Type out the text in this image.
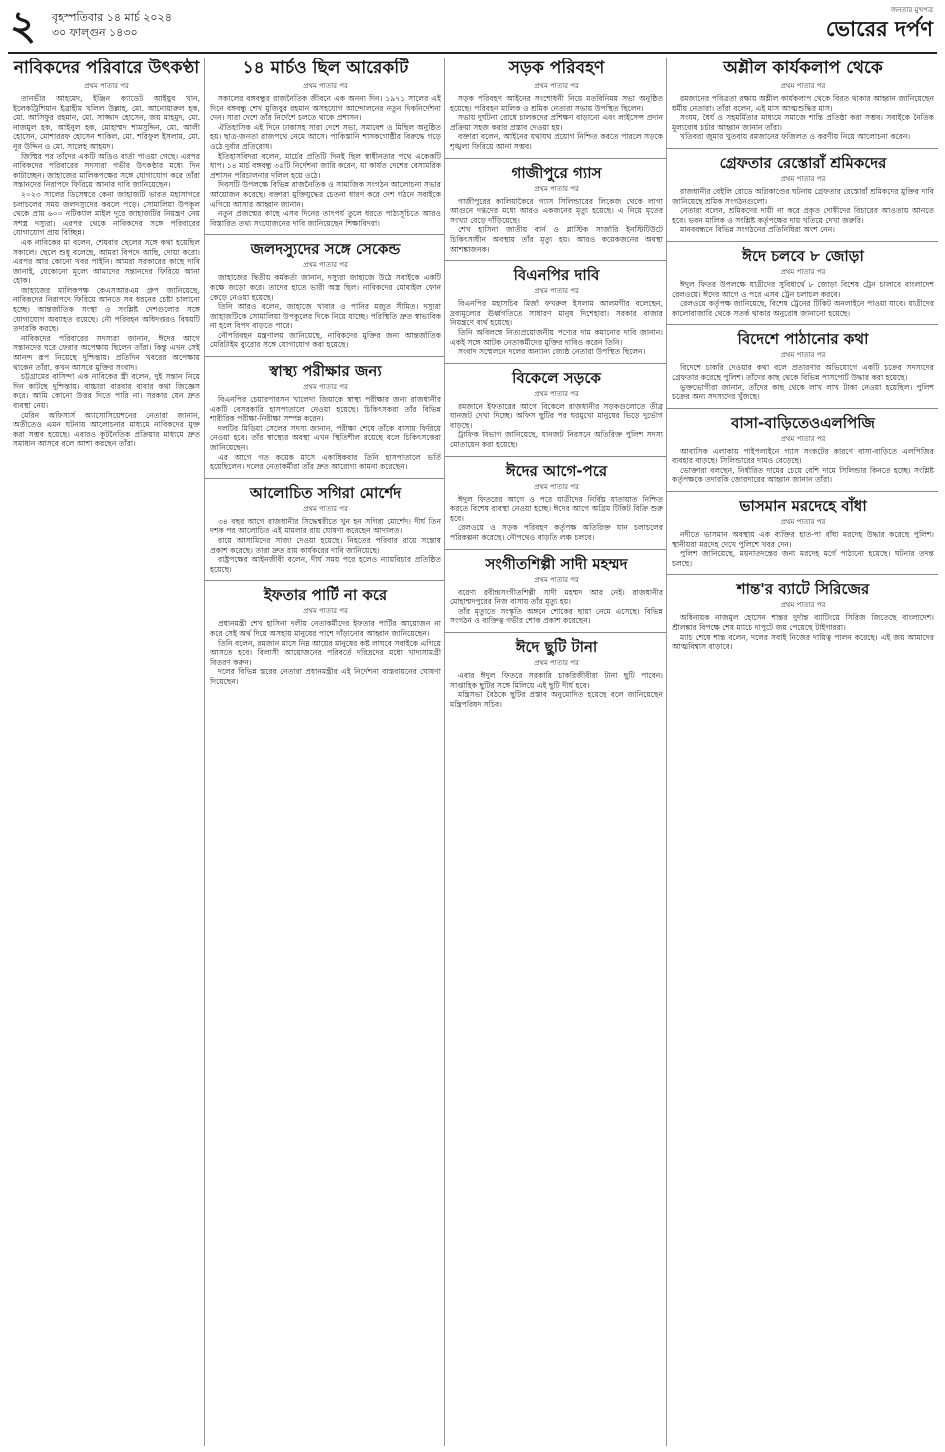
২ বৃহস্পতিবার ১৪ মার্চ ২০২৪
৩০ ফাল্গুন ১৪৩০
জনতার মুখপত্র
ভোরের দর্পণ
নাবিকদের পরিবারে উৎকণ্ঠা
প্রথম পাতার পর

তানভীর আহমেদ, ইঞ্জিন ক্যাডেট আইয়ুব খান, ইলেকট্রিশিয়ান ইব্রাহীম খলিল উল্লাহ, মো. আনোয়ারুল হক, মো. আসিফুর রহমান, মো. সাজ্জাদ হোসেন, জয় মাহমুদ, মো. নাজমুল হক, আইনুল হক, মোহাম্মদ শামসুদ্দিন, মো. আলী হোসেন, মোশাররফ হোসেন শাকিল, মো. শরিফুল ইসলাম, মো. নূর উদ্দিন ও মো. সালেহ আহমদ।

জিম্মির পর তাঁদের একটি অডিও বার্তা পাওয়া গেছে। এরপর নাবিকদের পরিবারের সদস্যরা গভীর উৎকণ্ঠার মধ্যে দিন কাটাচ্ছেন। জাহাজের মালিকপক্ষের সঙ্গে যোগাযোগ করে তাঁরা সন্তানদের নিরাপদে ফিরিয়ে আনার দাবি জানিয়েছেন।

২০২৩ সালের ডিসেম্বরে কেনা জাহাজটি ভারত মহাসাগরে চলাচলের সময় জলদস্যুদের কবলে পড়ে। সোমালিয়া উপকূল থেকে প্রায় ৬০০ নটিক্যাল মাইল দূরে জাহাজটির নিয়ন্ত্রণ নেয় সশস্ত্র দস্যুরা। এরপর থেকে নাবিকদের সঙ্গে পরিবারের যোগাযোগ প্রায় বিচ্ছিন্ন।

এক নাবিকের মা বলেন, শেষবার ছেলের সঙ্গে কথা হয়েছিল সকালে। ছেলে শুধু বলেছে, আমরা বিপদে আছি, দোয়া করো। এরপর আর কোনো খবর পাইনি। আমরা সরকারের কাছে দাবি জানাই, যেকোনো মূল্যে আমাদের সন্তানদের ফিরিয়ে আনা হোক।

জাহাজের মালিকপক্ষ কেএসআরএম গ্রুপ জানিয়েছে, নাবিকদের নিরাপদে ফিরিয়ে আনতে সব ধরনের চেষ্টা চালানো হচ্ছে। আন্তর্জাতিক সংস্থা ও সংশ্লিষ্ট দেশগুলোর সঙ্গে যোগাযোগ অব্যাহত রয়েছে। নৌ পরিবহন অধিদপ্তরও বিষয়টি তদারকি করছে।

নাবিকদের পরিবারের সদস্যরা জানান, ঈদের আগে সন্তানদের ঘরে ফেরার অপেক্ষায় ছিলেন তাঁরা। কিন্তু এখন সেই আনন্দ রূপ নিয়েছে দুশ্চিন্তায়। প্রতিদিন খবরের অপেক্ষায় থাকেন তাঁরা, কখন আসবে মুক্তির সংবাদ।

চট্টগ্রামের বাসিন্দা এক নাবিকের স্ত্রী বলেন, দুই সন্তান নিয়ে দিন কাটছে দুশ্চিন্তায়। বাচ্চারা বারবার বাবার কথা জিজ্ঞেস করে। আমি কোনো উত্তর দিতে পারি না। সরকার যেন দ্রুত ব্যবস্থা নেয়।

মেরিন অফিসার্স অ্যাসোসিয়েশনের নেতারা জানান, অতীতেও এমন ঘটনায় আলোচনার মাধ্যমে নাবিকদের মুক্ত করা সম্ভব হয়েছে। এবারও কূটনৈতিক প্রক্রিয়ার মাধ্যমে দ্রুত সমাধান আসবে বলে আশা করছেন তাঁরা।

১৪ মার্চও ছিল আরেকটি
প্রথম পাতার পর

সকালের বঙ্গবন্ধুর রাজনৈতিক জীবনে এক অনন্য দিন। ১৯৭১ সালের এই দিনে বঙ্গবন্ধু শেখ মুজিবুর রহমান অসহযোগ আন্দোলনের নতুন দিকনির্দেশনা দেন। সারা দেশে তাঁর নির্দেশে চলতে থাকে প্রশাসন।

ঐতিহাসিক এই দিনে ঢাকাসহ সারা দেশে সভা, সমাবেশ ও মিছিল অনুষ্ঠিত হয়। ছাত্র-জনতা রাজপথে নেমে আসে। পাকিস্তানি শাসকগোষ্ঠীর বিরুদ্ধে গড়ে ওঠে দুর্বার প্রতিরোধ।

ইতিহাসবিদরা বলেন, মার্চের প্রতিটি দিনই ছিল স্বাধীনতার পথে একেকটি ধাপ। ১৪ মার্চ বঙ্গবন্ধু ৩৫টি নির্দেশনা জারি করেন, যা কার্যত দেশের বেসামরিক প্রশাসন পরিচালনার দলিল হয়ে ওঠে।

দিবসটি উপলক্ষে বিভিন্ন রাজনৈতিক ও সামাজিক সংগঠন আলোচনা সভার আয়োজন করেছে। বক্তারা মুক্তিযুদ্ধের চেতনা ধারণ করে দেশ গঠনে সবাইকে এগিয়ে আসার আহ্বান জানান।

নতুন প্রজন্মের কাছে এসব দিনের তাৎপর্য তুলে ধরতে পাঠ্যসূচিতে আরও বিস্তারিত তথ্য সংযোজনের দাবি জানিয়েছেন শিক্ষাবিদরা।

জলদস্যুদের সঙ্গে সেকেন্ড
প্রথম পাতার পর

জাহাজের দ্বিতীয় কর্মকর্তা জানান, দস্যুরা জাহাজে উঠে সবাইকে একটি কক্ষে জড়ো করে। তাদের হাতে ভারী অস্ত্র ছিল। নাবিকদের মোবাইল ফোন কেড়ে নেওয়া হয়েছে।

তিনি আরও বলেন, জাহাজে খাবার ও পানির মজুত সীমিত। দস্যুরা জাহাজটিকে সোমালিয়া উপকূলের দিকে নিয়ে যাচ্ছে। পরিস্থিতি দ্রুত স্বাভাবিক না হলে বিপদ বাড়তে পারে।

নৌপরিবহন মন্ত্রণালয় জানিয়েছে, নাবিকদের মুক্তির জন্য আন্তর্জাতিক মেরিটাইম ব্যুরোর সঙ্গে যোগাযোগ করা হয়েছে।

স্বাস্থ্য পরীক্ষার জন্য
প্রথম পাতার পর

বিএনপির চেয়ারপারসন খালেদা জিয়াকে স্বাস্থ্য পরীক্ষার জন্য রাজধানীর একটি বেসরকারি হাসপাতালে নেওয়া হয়েছে। চিকিৎসকরা তাঁর বিভিন্ন শারীরিক পরীক্ষা-নিরীক্ষা সম্পন্ন করেন।

দলটির মিডিয়া সেলের সদস্য জানান, পরীক্ষা শেষে তাঁকে বাসায় ফিরিয়ে নেওয়া হবে। তাঁর স্বাস্থ্যের অবস্থা এখন স্থিতিশীল রয়েছে বলে চিকিৎসকেরা জানিয়েছেন।

এর আগে গত কয়েক মাসে একাধিকবার তিনি হাসপাতালে ভর্তি হয়েছিলেন। দলের নেতাকর্মীরা তাঁর দ্রুত আরোগ্য কামনা করেছেন।

আলোচিত সগিরা মোর্শেদ
প্রথম পাতার পর

৩৪ বছর আগে রাজধানীর সিদ্ধেশ্বরীতে খুন হন সগিরা মোর্শেদ। দীর্ঘ তিন দশক পর আলোচিত এই মামলার রায় ঘোষণা করেছেন আদালত।

রায়ে আসামিদের সাজা দেওয়া হয়েছে। নিহতের পরিবার রায়ে সন্তোষ প্রকাশ করেছে। তারা দ্রুত রায় কার্যকরের দাবি জানিয়েছে।

রাষ্ট্রপক্ষের আইনজীবী বলেন, দীর্ঘ সময় পরে হলেও ন্যায়বিচার প্রতিষ্ঠিত হয়েছে।

ইফতার পার্টি না করে
প্রথম পাতার পর

প্রধানমন্ত্রী শেখ হাসিনা দলীয় নেতাকর্মীদের ইফতার পার্টির আয়োজন না করে সেই অর্থ দিয়ে অসহায় মানুষের পাশে দাঁড়ানোর আহ্বান জানিয়েছেন।

তিনি বলেন, রমজান মাসে নিম্ন আয়ের মানুষের কষ্ট লাঘবে সবাইকে এগিয়ে আসতে হবে। বিলাসী আয়োজনের পরিবর্তে দরিদ্রদের মধ্যে খাদ্যসামগ্রী বিতরণ করুন।

দলের বিভিন্ন স্তরের নেতারা প্রধানমন্ত্রীর এই নির্দেশনা বাস্তবায়নের ঘোষণা দিয়েছেন।

সড়ক পরিবহণ
প্রথম পাতার পর

সড়ক পরিবহণ আইনের সংশোধনী নিয়ে মতবিনিময় সভা অনুষ্ঠিত হয়েছে। পরিবহন মালিক ও শ্রমিক নেতারা সভায় উপস্থিত ছিলেন।

সভায় দুর্ঘটনা রোধে চালকদের প্রশিক্ষণ বাড়ানো এবং লাইসেন্স প্রদান প্রক্রিয়া সহজ করার প্রস্তাব দেওয়া হয়।

বক্তারা বলেন, আইনের যথাযথ প্রয়োগ নিশ্চিত করতে পারলে সড়কে শৃঙ্খলা ফিরিয়ে আনা সম্ভব।

গাজীপুরে গ্যাস
প্রথম পাতার পর

গাজীপুরের কালিয়াকৈরে গ্যাস সিলিন্ডারের লিকেজ থেকে লাগা আগুনে দগ্ধদের মধ্যে আরও একজনের মৃত্যু হয়েছে। এ নিয়ে মৃতের সংখ্যা বেড়ে দাঁড়িয়েছে।

শেখ হাসিনা জাতীয় বার্ন ও প্লাস্টিক সার্জারি ইনস্টিটিউটে চিকিৎসাধীন অবস্থায় তাঁর মৃত্যু হয়। আরও কয়েকজনের অবস্থা আশঙ্কাজনক।

বিএনপির দাবি
প্রথম পাতার পর

বিএনপির মহাসচিব মির্জা ফখরুল ইসলাম আলমগীর বলেছেন, দ্রব্যমূল্যের ঊর্ধ্বগতিতে সাধারণ মানুষ দিশেহারা। সরকার বাজার নিয়ন্ত্রণে ব্যর্থ হয়েছে।

তিনি অবিলম্বে নিত্যপ্রয়োজনীয় পণ্যের দাম কমানোর দাবি জানান। একই সঙ্গে আটক নেতাকর্মীদের মুক্তির দাবিও করেন তিনি।

সংবাদ সম্মেলনে দলের অন্যান্য জ্যেষ্ঠ নেতারা উপস্থিত ছিলেন।

বিকেলে সড়কে
প্রথম পাতার পর

রমজানে ইফতারের আগে বিকেলে রাজধানীর সড়কগুলোতে তীব্র যানজট দেখা দিচ্ছে। অফিস ছুটির পর ঘরমুখো মানুষের ভিড়ে দুর্ভোগ বাড়ছে।

ট্রাফিক বিভাগ জানিয়েছে, যানজট নিরসনে অতিরিক্ত পুলিশ সদস্য মোতায়েন করা হয়েছে।

ঈদের আগে-পরে
প্রথম পাতার পর

ঈদুল ফিতরের আগে ও পরে যাত্রীদের নির্বিঘ্ন যাতায়াত নিশ্চিত করতে বিশেষ ব্যবস্থা নেওয়া হচ্ছে। ঈদের আগে অগ্রিম টিকিট বিক্রি শুরু হবে।

রেলওয়ে ও সড়ক পরিবহণ কর্তৃপক্ষ অতিরিক্ত যান চলাচলের পরিকল্পনা করেছে। নৌপথেও বাড়তি লঞ্চ চলবে।

সংগীতশিল্পী সাদী মহম্মদ
প্রথম পাতার পর

বরেণ্য রবীন্দ্রসংগীতশিল্পী সাদী মহম্মদ আর নেই। রাজধানীর মোহাম্মদপুরের নিজ বাসায় তাঁর মৃত্যু হয়।

তাঁর মৃত্যুতে সংস্কৃতি অঙ্গনে শোকের ছায়া নেমে এসেছে। বিভিন্ন সংগঠন ও ব্যক্তিত্ব গভীর শোক প্রকাশ করেছেন।

ঈদে ছুটি টানা
প্রথম পাতার পর

এবার ঈদুল ফিতরে সরকারি চাকরিজীবীরা টানা ছুটি পাবেন। সাপ্তাহিক ছুটির সঙ্গে মিলিয়ে এই ছুটি দীর্ঘ হবে।

মন্ত্রিসভা বৈঠকে ছুটির প্রস্তাব অনুমোদিত হয়েছে বলে জানিয়েছেন মন্ত্রিপরিষদ সচিব।

অশ্লীল কার্যকলাপ থেকে
প্রথম পাতার পর

রমজানের পবিত্রতা রক্ষায় অশ্লীল কার্যকলাপ থেকে বিরত থাকার আহ্বান জানিয়েছেন ধর্মীয় নেতারা। তাঁরা বলেন, এই মাস আত্মশুদ্ধির মাস।

সংযম, ধৈর্য ও সহমর্মিতার মাধ্যমে সমাজে শান্তি প্রতিষ্ঠা করা সম্ভব। সবাইকে নৈতিক মূল্যবোধ চর্চার আহ্বান জানান তাঁরা।

খতিবরা জুমার খুতবায় রমজানের ফজিলত ও করণীয় নিয়ে আলোচনা করেন।

গ্রেফতার রেস্তোরাঁ শ্রমিকদের
প্রথম পাতার পর

রাজধানীর বেইলি রোডে অগ্নিকাণ্ডের ঘটনায় গ্রেফতার রেস্তোরাঁ শ্রমিকদের মুক্তির দাবি জানিয়েছে শ্রমিক সংগঠনগুলো।

নেতারা বলেন, শ্রমিকদের দায়ী না করে প্রকৃত দোষীদের বিচারের আওতায় আনতে হবে। ভবন মালিক ও সংশ্লিষ্ট কর্তৃপক্ষের দায় খতিয়ে দেখা জরুরি।

মানববন্ধনে বিভিন্ন সংগঠনের প্রতিনিধিরা অংশ নেন।

ঈদে চলবে ৮ জোড়া
প্রথম পাতার পর

ঈদুল ফিতর উপলক্ষে যাত্রীদের সুবিধার্থে ৮ জোড়া বিশেষ ট্রেন চালাবে বাংলাদেশ রেলওয়ে। ঈদের আগে ও পরে এসব ট্রেন চলাচল করবে।

রেলওয়ে কর্তৃপক্ষ জানিয়েছে, বিশেষ ট্রেনের টিকিট অনলাইনে পাওয়া যাবে। যাত্রীদের কালোবাজারি থেকে সতর্ক থাকার অনুরোধ জানানো হয়েছে।

বিদেশে পাঠানোর কথা
প্রথম পাতার পর

বিদেশে চাকরি দেওয়ার কথা বলে প্রতারণার অভিযোগে একটি চক্রের সদস্যদের গ্রেফতার করেছে পুলিশ। তাঁদের কাছ থেকে বিভিন্ন পাসপোর্ট উদ্ধার করা হয়েছে।

ভুক্তভোগীরা জানান, তাঁদের কাছ থেকে লাখ লাখ টাকা নেওয়া হয়েছিল। পুলিশ চক্রের অন্য সদস্যদের খুঁজছে।

বাসা-বাড়িতেওএলপিজি
প্রথম পাতার পর

আবাসিক এলাকায় পাইপলাইনে গ্যাস সংকটের কারণে বাসা-বাড়িতে এলপিজির ব্যবহার বাড়ছে। সিলিন্ডারের দামও বেড়েছে।

ভোক্তারা বলছেন, নির্ধারিত দামের চেয়ে বেশি দামে সিলিন্ডার কিনতে হচ্ছে। সংশ্লিষ্ট কর্তৃপক্ষকে তদারকি জোরদারের আহ্বান জানান তাঁরা।

ভাসমান মরদেহে বাঁধা
প্রথম পাতার পর

নদীতে ভাসমান অবস্থায় এক ব্যক্তির হাত-পা বাঁধা মরদেহ উদ্ধার করেছে পুলিশ। স্থানীয়রা মরদেহ দেখে পুলিশে খবর দেন।

পুলিশ জানিয়েছে, ময়নাতদন্তের জন্য মরদেহ মর্গে পাঠানো হয়েছে। ঘটনার তদন্ত চলছে।

শান্ত'র ব্যাটে সিরিজের
প্রথম পাতার পর

অধিনায়ক নাজমুল হোসেন শান্তর দুর্দান্ত ব্যাটিংয়ে সিরিজ জিতেছে বাংলাদেশ। শ্রীলঙ্কার বিপক্ষে শেষ ম্যাচে দাপুটে জয় পেয়েছে টাইগাররা।

ম্যাচ শেষে শান্ত বলেন, দলের সবাই নিজের দায়িত্ব পালন করেছে। এই জয় আমাদের আত্মবিশ্বাস বাড়াবে।
